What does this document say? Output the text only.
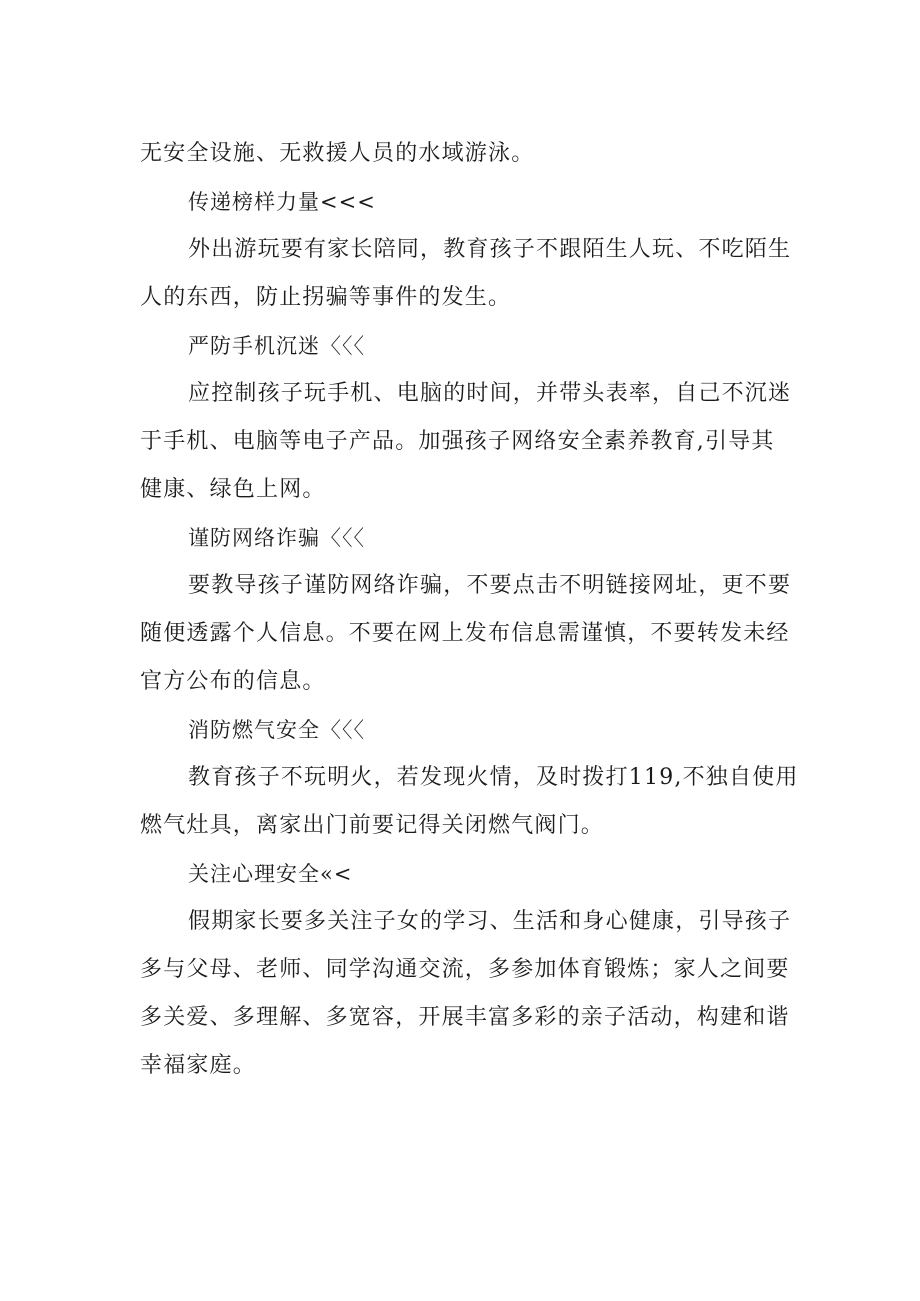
无安全设施、无救援人员的水域游泳。
传递榜样力量<<<
外出游玩要有家长陪同，教育孩子不跟陌生人玩、不吃陌生
人的东西，防止拐骗等事件的发生。
严防手机沉迷〈〈〈
应控制孩子玩手机、电脑的时间，并带头表率，自己不沉迷
于手机、电脑等电子产品。加强孩子网络安全素养教育,引导其
健康、绿色上网。
谨防网络诈骗〈〈〈
要教导孩子谨防网络诈骗，不要点击不明链接网址，更不要
随便透露个人信息。不要在网上发布信息需谨慎，不要转发未经
官方公布的信息。
消防燃气安全〈〈〈
教育孩子不玩明火，若发现火情，及时拨打119,不独自使用
燃气灶具，离家出门前要记得关闭燃气阀门。
关注心理安全«<
假期家长要多关注子女的学习、生活和身心健康，引导孩子
多与父母、老师、同学沟通交流，多参加体育锻炼；家人之间要
多关爱、多理解、多宽容，开展丰富多彩的亲子活动，构建和谐
幸福家庭。
